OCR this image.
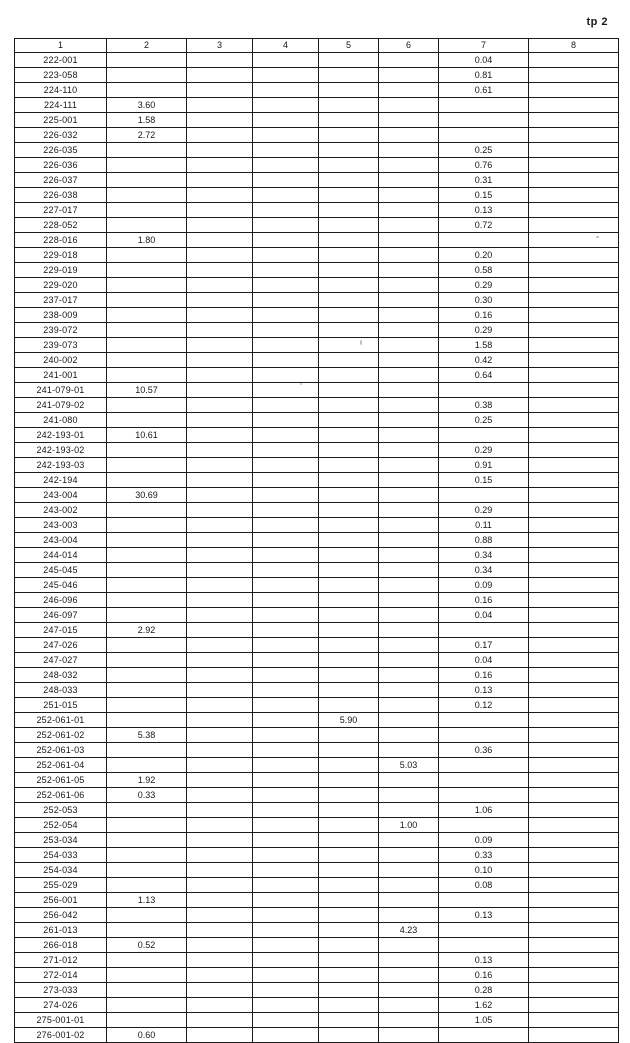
tp 2
1	2	3	4	5	6	7	8
222-001						0.04	
223-058						0.81	
224-110						0.61	
224-111	3.60						
225-001	1.58						
226-032	2.72						
226-035						0.25	
226-036						0.76	
226-037						0.31	
226-038						0.15	
227-017						0.13	
228-052						0.72	
228-016	1.80						
229-018						0.20	
229-019						0.58	
229-020						0.29	
237-017						0.30	
238-009						0.16	
239-072						0.29	
239-073						1.58	
240-002						0.42	
241-001						0.64	
241-079-01	10.57						
241-079-02						0.38	
241-080						0.25	
242-193-01	10.61						
242-193-02						0.29	
242-193-03						0.91	
242-194						0.15	
243-004	30.69						
243-002						0.29	
243-003						0.11	
243-004						0.88	
244-014						0.34	
245-045						0.34	
245-046						0.09	
246-096						0.16	
246-097						0.04	
247-015	2.92						
247-026						0.17	
247-027						0.04	
248-032						0.16	
248-033						0.13	
251-015						0.12	
252-061-01				5.90			
252-061-02	5.38						
252-061-03						0.36	
252-061-04					5.03		
252-061-05	1.92						
252-061-06	0.33						
252-053						1.06	
252-054					1.00		
253-034						0.09	
254-033						0.33	
254-034						0.10	
255-029						0.08	
256-001	1.13						
256-042						0.13	
261-013					4.23		
266-018	0.52						
271-012						0.13	
272-014						0.16	
273-033						0.28	
274-026						1.62	
275-001-01						1.05	
276-001-02	0.60						
